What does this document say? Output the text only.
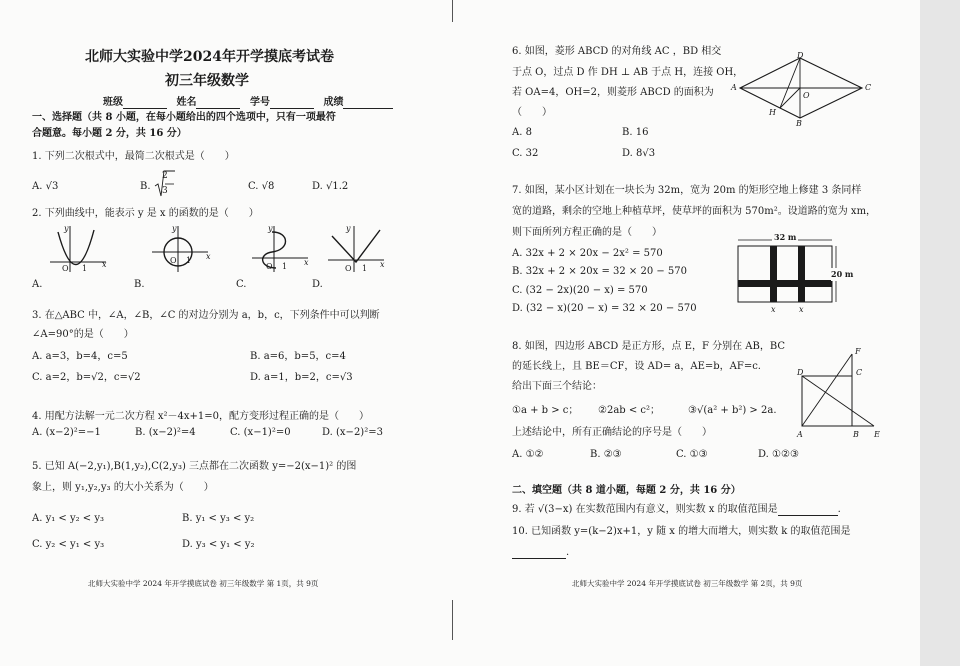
北师大实验中学2024年开学摸底考试卷
初三年级数学
班级	姓名	学号	成绩
一、选择题（共 8 小题，在每小题给出的四个选项中，只有一项最符
合题意。每小题 2 分，共 16 分）
1. 下列二次根式中，最简二次根式是（　　）
A. √3	B.
2
3	C. √8	D. √1.2
2. 下列曲线中，能表示 y 是 x 的函数的是（　　）
y
x
O 1
A.
y
x
O 1
B.
y
x
O 1
C.
y
x
O 1
D.
3. 在△ABC 中，∠A，∠B，∠C 的对边分别为 a，b，c，下列条件中可以判断
∠A=90°的是（　　）
A. a=3，b=4，c=5	B. a=6，b=5，c=4
C. a=2，b=√2，c=√2	D. a=1，b=2，c=√3
4. 用配方法解一元二次方程 x²－4x+1=0，配方变形过程正确的是（　　）
A. (x−2)²=−1	B. (x−2)²=4	C. (x−1)²=0	D. (x−2)²=3
5. 已知 A(−2,y₁),B(1,y₂),C(2,y₃) 三点都在二次函数 y=−2(x−1)² 的图
象上，则 y₁,y₂,y₃ 的大小关系为（　　）
A. y₁ < y₂ < y₃	B. y₁ < y₃ < y₂
C. y₂ < y₁ < y₃	D. y₃ < y₁ < y₂
北师大实验中学 2024 年开学摸底试卷 初三年级数学 第 1页，共 9页
6. 如图，菱形 ABCD 的对角线 AC ，BD 相交
于点 O，过点 D 作 DH ⊥ AB 于点 H，连接 OH，
若 OA=4，OH=2，则菱形 ABCD 的面积为
（　　）
A. 8	B. 16
C. 32	D. 8√3
A	C
D
B
H
O
7. 如图，某小区计划在一块长为 32m，宽为 20m 的矩形空地上修建 3 条同样
宽的道路，剩余的空地上种植草坪，使草坪的面积为 570m²。设道路的宽为 xm，
则下面所列方程正确的是（　　）
A. 32x + 2 × 20x − 2x² = 570
B. 32x + 2 × 20x = 32 × 20 − 570
C. (32 − 2x)(20 − x) = 570
D. (32 − x)(20 − x) = 32 × 20 − 570
32 m
20 m
x	x
8. 如图，四边形 ABCD 是正方形，点 E，F 分别在 AB，BC
的延长线上，且 BE＝CF，设 AD= a，AE=b，AF=c.
给出下面三个结论：
①a + b > c； ②2ab < c²；	③√(a² + b²) > 2a.
上述结论中，所有正确结论的序号是（　　）
A. ①②	B. ②③	C. ①③	D. ①②③
A	B E
D	C
F
二、填空题（共 8 道小题，每题 2 分，共 16 分）
9. 若 √(3−x) 在实数范围内有意义，则实数 x 的取值范围是	.
10. 已知函数 y=(k−2)x+1，y 随 x 的增大而增大，则实数 k 的取值范围是
.
北师大实验中学 2024 年开学摸底试卷 初三年级数学 第 2页，共 9页
